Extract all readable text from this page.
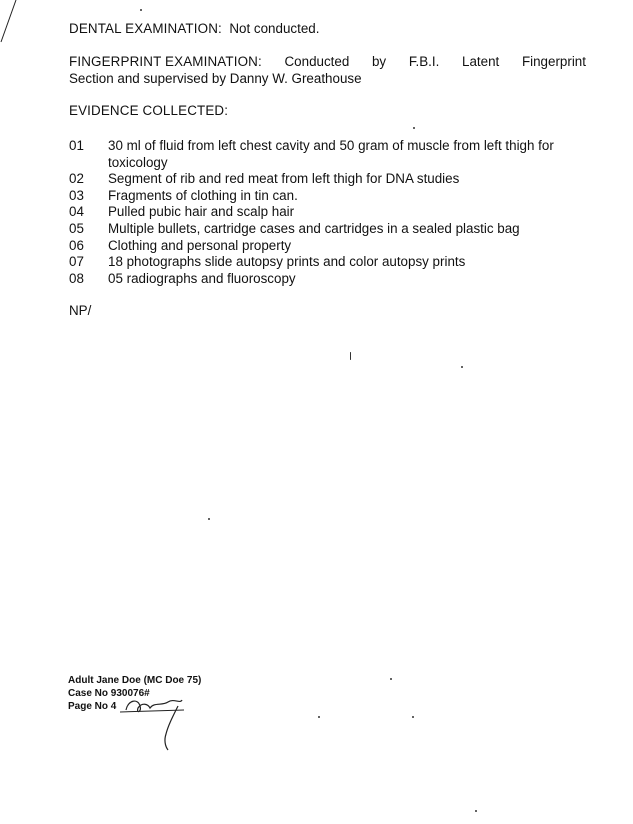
DENTAL EXAMINATION: Not conducted.
FINGERPRINT EXAMINATION: Conducted by F.B.I. Latent Fingerprint
Section and supervised by Danny W. Greathouse
EVIDENCE COLLECTED:
01	30 ml of fluid from left chest cavity and 50 gram of muscle from left thigh for toxicology
02	Segment of rib and red meat from left thigh for DNA studies
03	Fragments of clothing in tin can.
04	Pulled pubic hair and scalp hair
05	Multiple bullets, cartridge cases and cartridges in a sealed plastic bag
06	Clothing and personal property
07	18 photographs slide autopsy prints and color autopsy prints
08	05 radiographs and fluoroscopy
NP/
Adult Jane Doe (MC Doe 75)
Case No 930076#
Page No 4
